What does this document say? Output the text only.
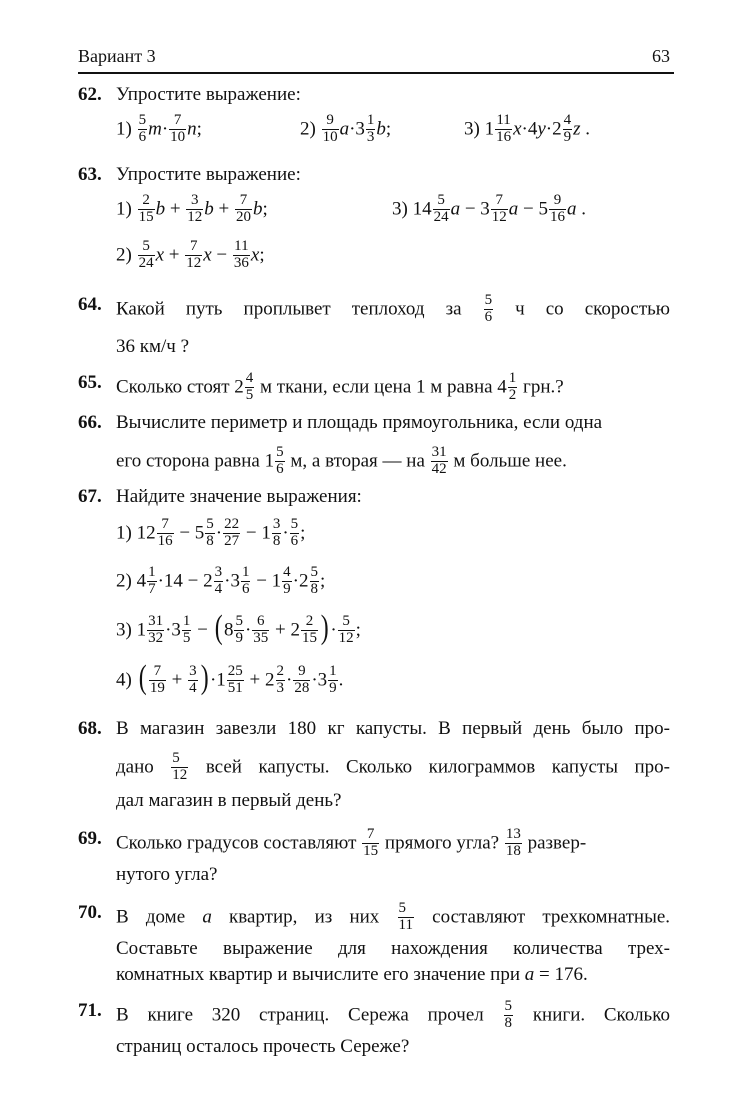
Вариант 3	63
62. Упростите выражение:
$1) \frac{5}{6} m\cdot \frac{7}{10} n$;	$2) \frac{9}{10} a\cdot 3 \frac{1}{3} b$;	3) $1 \frac{11}{16} x\cdot 4y\cdot 2 \frac{4}{9}$ z .
63. Упростите выражение:
$1) \frac{2}{15}$ $b + \frac{3}{12}$ $b + \frac{7}{20} b$;	3) $14 \frac{5}{24}$ $a - 3 \frac{7}{12}$ $a - 5 \frac{9}{16}$ a .
$2) \frac{5}{24}$ $x + \frac{7}{12}$ $x - \frac{11}{36} x$;
64. Какой путь проплывет теплоход за $\frac{5}{6}$ ч со скоростью
36 км/ч ?
65. Сколько стоят $2 \frac{4}{5}$ м ткани, если цена 1 м равна $4 \frac{1}{2}$ грн.?
66. Вычислите периметр и площадь прямоугольника, если одна
его сторона равна $1 \frac{5}{6} м$, а вторая — на $\frac{31}{42}$ м больше нее.
67. Найдите значение выражения:
1) $12 \frac{7}{16} - 5 \frac{5}{8} \cdot \frac{22}{27} - 1 \frac{3}{8} \cdot \frac{5}{6}$ ;
2) $4 \frac{1}{7} \cdot 14 - 2 \frac{3}{4} \cdot 3 \frac{1}{6} - 1 \frac{4}{9} \cdot 2 \frac{5}{8}$ ;
3) $1 \frac{31}{32} \cdot 3 \frac{1}{5} - (8 \frac{5}{9} \cdot \frac{6}{35} + 2 \frac{2}{15}$ )· $\frac{5}{12}$ ;
4) ( $\frac{7}{19} + \frac{3}{4} )\cdot 1 \frac{25}{51} + 2 \frac{2}{3} \cdot \frac{9}{28} \cdot 3 \frac{1}{9}$ .
68. В магазин завезли 180 кг капусты. В первый день было про-
дано $\frac{5}{12}$ всей капусты. Сколько килограммов капусты про-
дал магазин в первый день?
69. Сколько градусов составляют $\frac{7}{15}$ прямого угла? $\frac{13}{18}$ развер-
нутого угла?
70. В доме a квартир, из них $\frac{5}{11}$ составляют трехкомнатные.
Составьте выражение для нахождения количества трех-
комнатных квартир и вычислите его значение при a = 176.
71. В книге 320 страниц. Сережа прочел $\frac{5}{8}$ книги. Сколько
страниц осталось прочесть Сереже?
